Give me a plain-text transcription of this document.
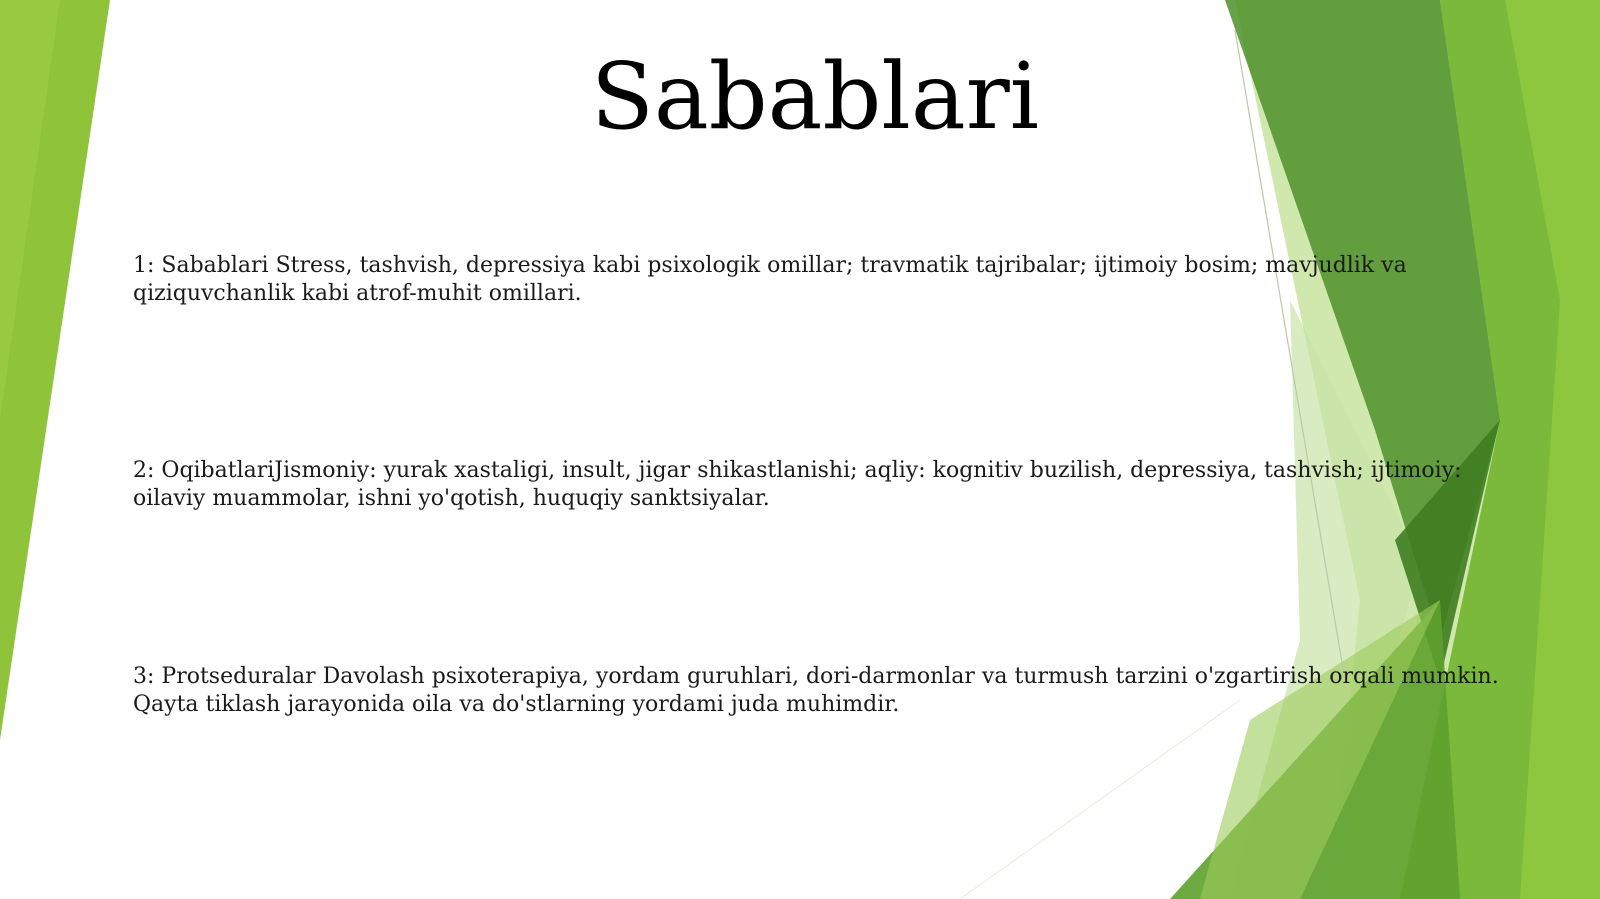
Sabablari
1: Sabablari Stress, tashvish, depressiya kabi psixologik omillar; travmatik tajribalar; ijtimoiy bosim; mavjudlik va qiziquvchanlik kabi atrof-muhit omillari.
2: OqibatlariJismoniy: yurak xastaligi, insult, jigar shikastlanishi; aqliy: kognitiv buzilish, depressiya, tashvish; ijtimoiy: oilaviy muammolar, ishni yo'qotish, huquqiy sanktsiyalar.
3: Protseduralar Davolash psixoterapiya, yordam guruhlari, dori-darmonlar va turmush tarzini o'zgartirish orqali mumkin. Qayta tiklash jarayonida oila va do'stlarning yordami juda muhimdir.
